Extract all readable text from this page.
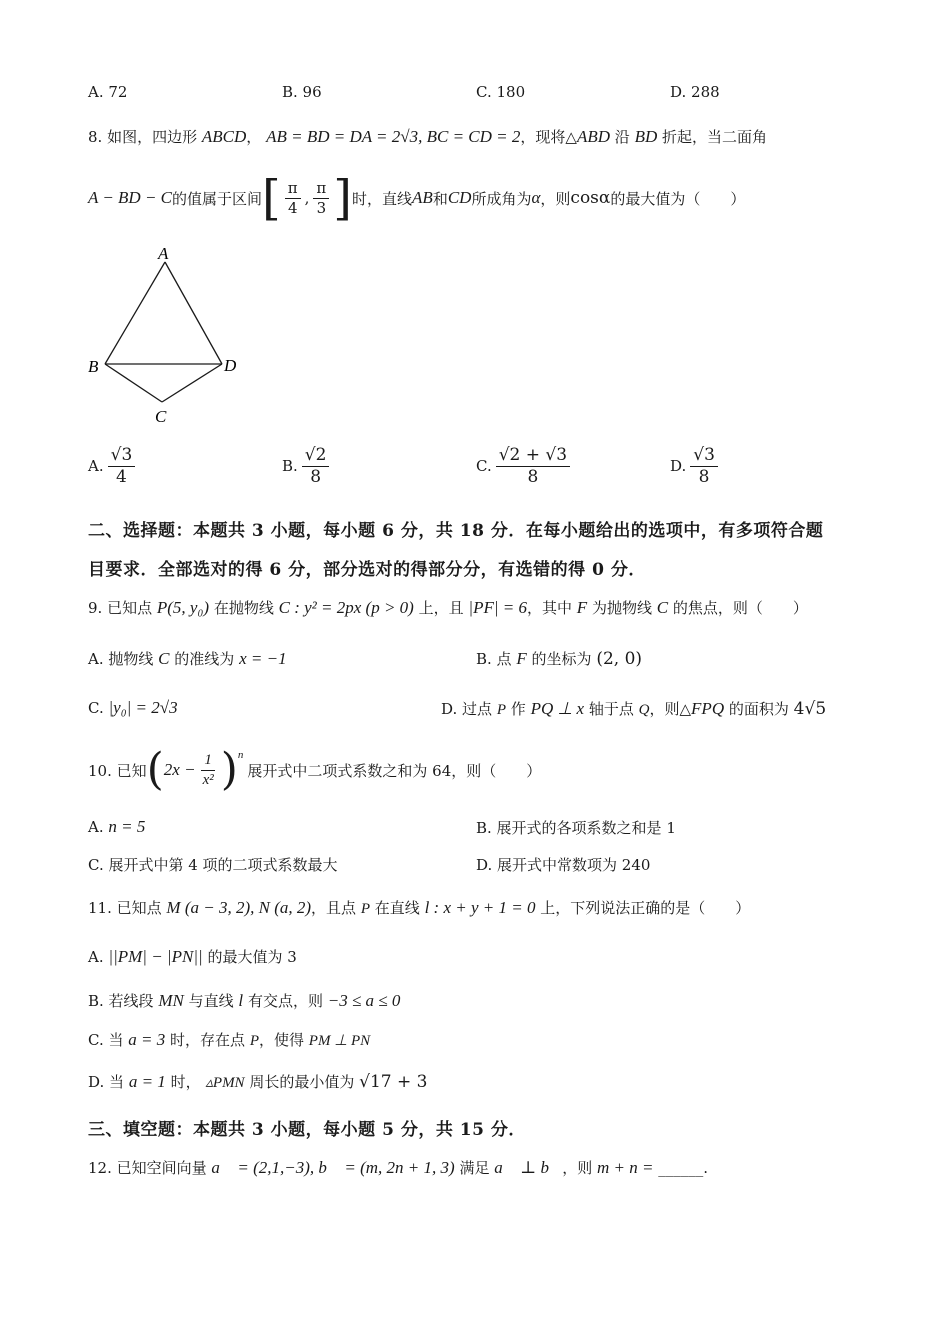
A. 72	B. 96	C. 180	D. 288
8. 如图，四边形 ABCD， AB = BD = DA = 2√3, BC = CD = 2，现将△ABD 沿 BD 折起，当二面角
A − BD − C 的值属于区间 [ $\frac{\pi}{4}$ , $\frac{\pi}{3}$ ] 时，直线 AB 和 CD 所成角为 α ，则 cosα 的最大值为（　　）
A
B	D
C
A. $\frac{√3}{4}$	B. $\frac{√2}{8}$	C. $\frac{√2 + √3}{8}$	D. $\frac{√3}{8}$
二、选择题：本题共 3 小题，每小题 6 分，共 18 分．在每小题给出的选项中，有多项符合题
目要求．全部选对的得 6 分，部分选对的得部分分，有选错的得 0 分．
9. 已知点 P(5, y₀) 在抛物线 C : y² = 2px (p > 0) 上，且 |PF| = 6，其中 F 为抛物线 C 的焦点，则（　　）
A. 抛物线 C 的准线为 x = −1	B. 点 F 的坐标为 (2, 0)
C. |y₀| = 2√3	D. 过点 P 作 PQ ⊥ x 轴于点 Q，则△FPQ 的面积为 4√5
10. 已知 ( $2x - \frac{1}{\text{x²}} )^n$
展开式中二项式系数之和为 64，则（　　）
A. n = 5	B. 展开式的各项系数之和是 1
C. 展开式中第 4 项的二项式系数最大	D. 展开式中常数项为 240
11. 已知点 M (a − 3, 2), N (a, 2)，且点 P 在直线 l : x + y + 1 = 0 上，下列说法正确的是（　　）
A. ||PM| − |PN|| 的最大值为 3
B. 若线段 MN 与直线 l 有交点，则 −3 ≤ a ≤ 0
C. 当 a = 3 时，存在点 P，使得 PM ⊥ PN
D. 当 a = 1 时， ▵PMN 周长的最小值为 √17 + 3
三、填空题：本题共 3 小题，每小题 5 分，共 15 分．
12. 已知空间向量 a⃗ = (2,1,−3), b⃗ = (m, 2n + 1, 3) 满足 a⃗ ⊥ b⃗，则 m + n = ______.
